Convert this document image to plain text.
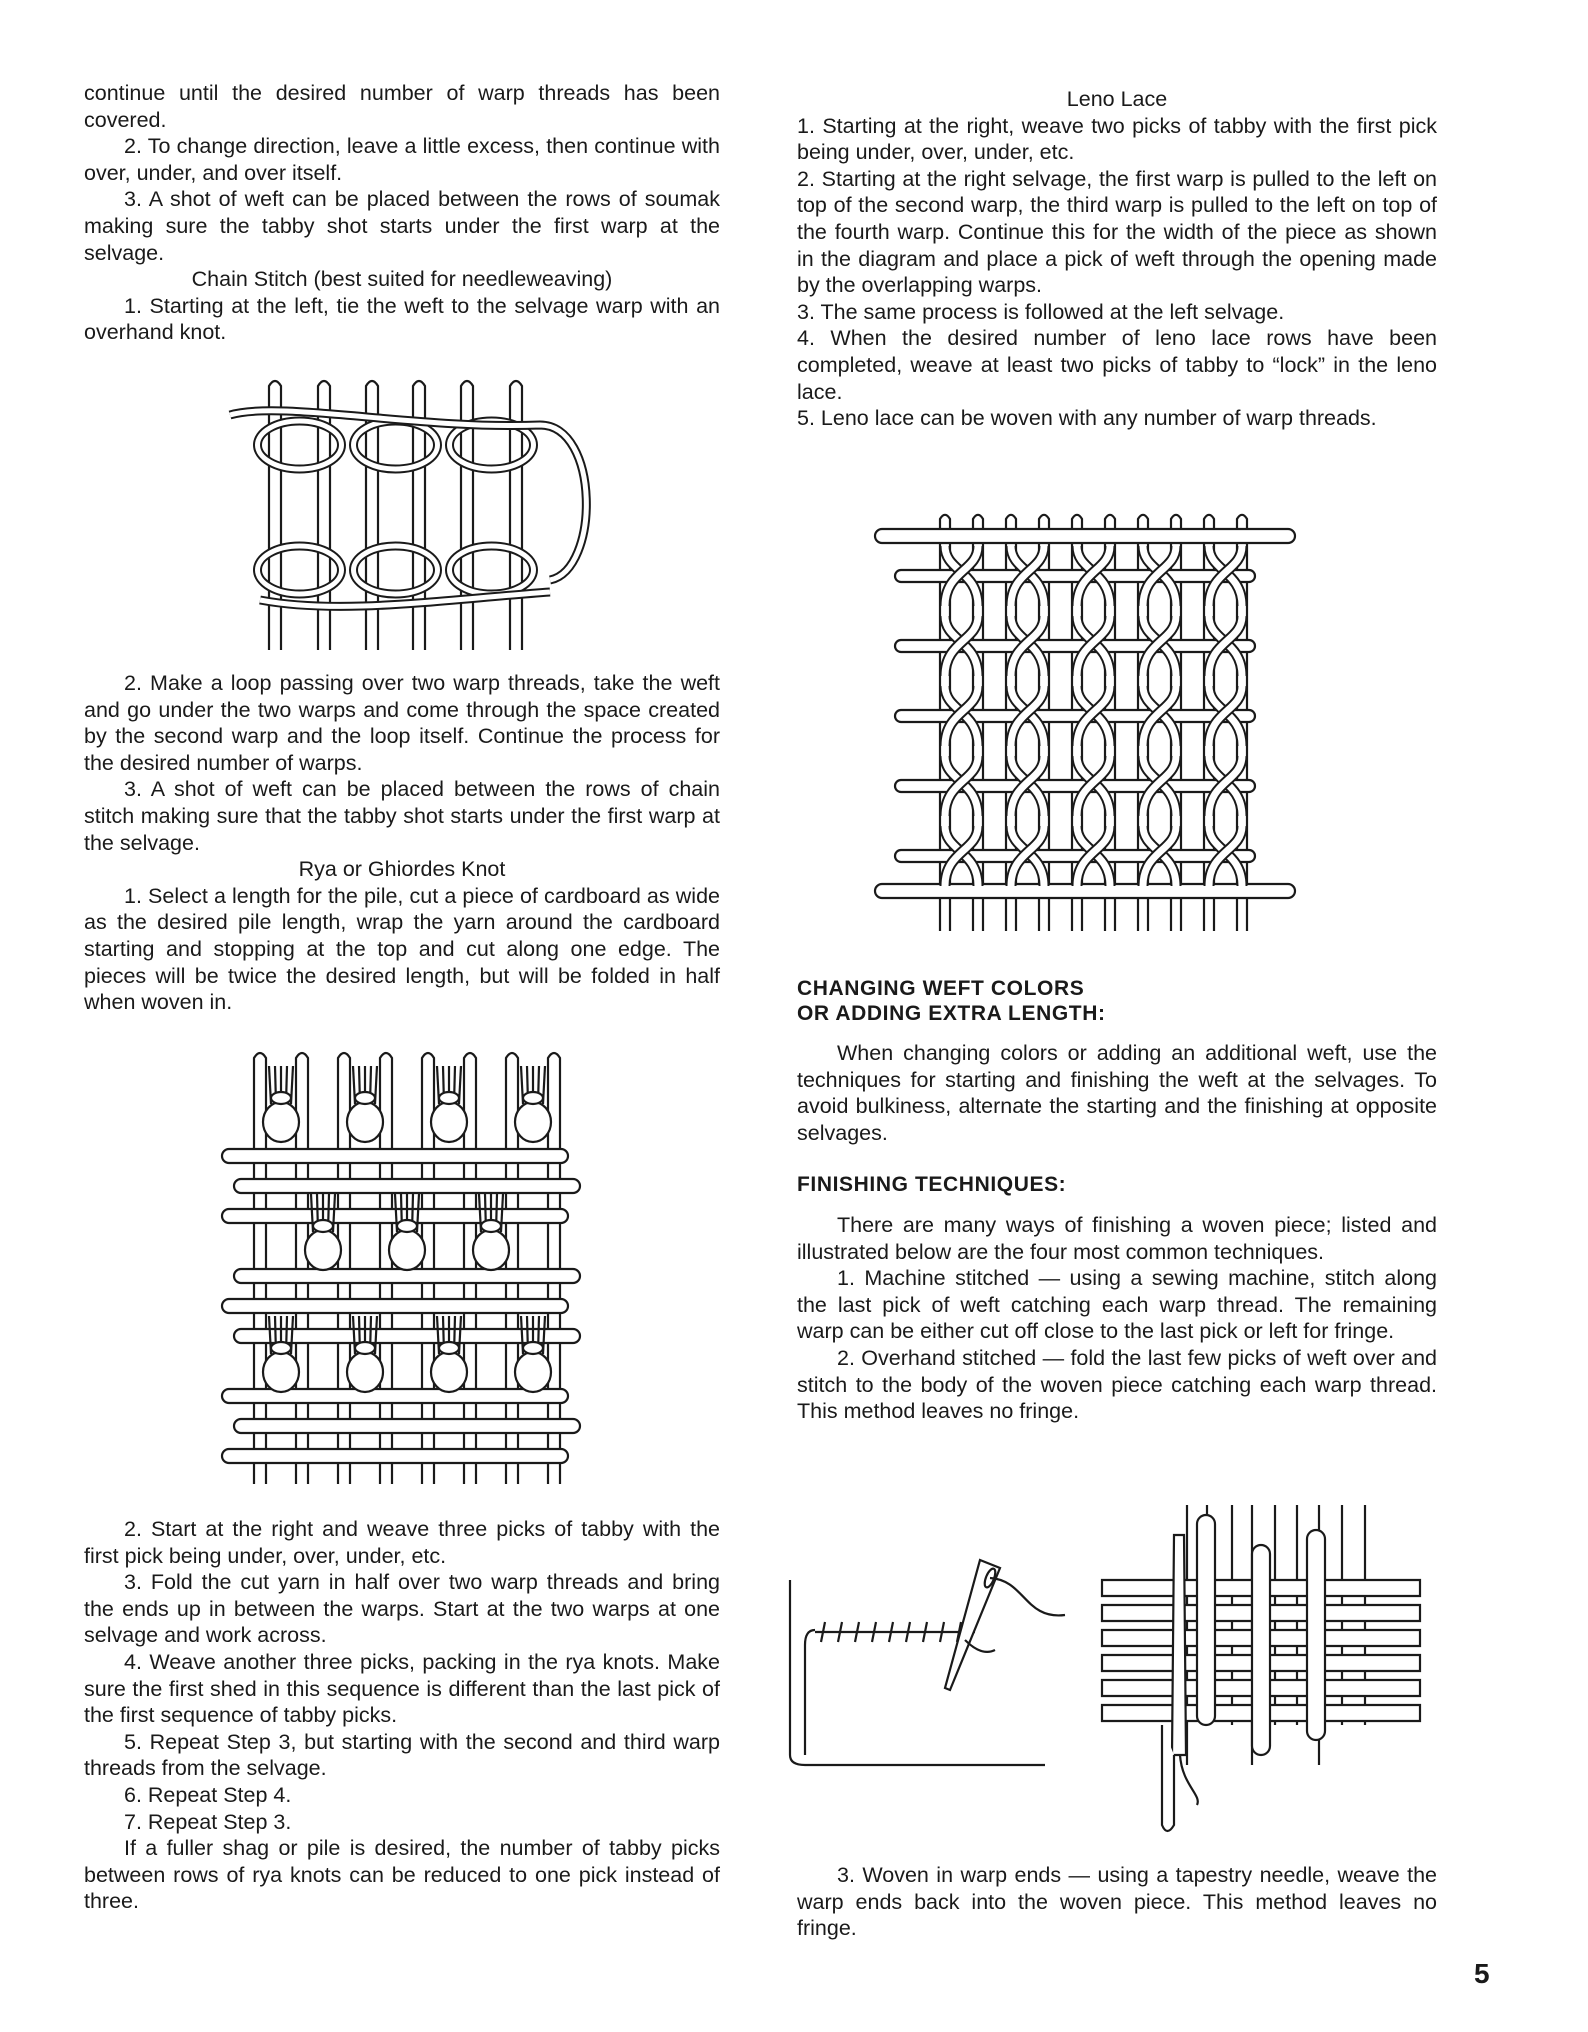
continue until the desired number of warp threads has been covered.

2. To change direction, leave a little excess, then continue with over, under, and over itself.

3. A shot of weft can be placed between the rows of soumak making sure the tabby shot starts under the first warp at the selvage.

Chain Stitch (best suited for needleweaving)

1. Starting at the left, tie the weft to the selvage warp with an overhand knot.

2. Make a loop passing over two warp threads, take the weft and go under the two warps and come through the space created by the second warp and the loop itself. Continue the process for the desired number of warps.

3. A shot of weft can be placed between the rows of chain stitch making sure that the tabby shot starts under the first warp at the selvage.

Rya or Ghiordes Knot

1. Select a length for the pile, cut a piece of cardboard as wide as the desired pile length, wrap the yarn around the cardboard starting and stopping at the top and cut along one edge. The pieces will be twice the desired length, but will be folded in half when woven in.

2. Start at the right and weave three picks of tabby with the first pick being under, over, under, etc.

3. Fold the cut yarn in half over two warp threads and bring the ends up in between the warps. Start at the two warps at one selvage and work across.

4. Weave another three picks, packing in the rya knots. Make sure the first shed in this sequence is different than the last pick of the first sequence of tabby picks.

5. Repeat Step 3, but starting with the second and third warp threads from the selvage.

6. Repeat Step 4.

7. Repeat Step 3.

If a fuller shag or pile is desired, the number of tabby picks between rows of rya knots can be reduced to one pick instead of three.

Leno Lace

1. Starting at the right, weave two picks of tabby with the first pick being under, over, under, etc.

2. Starting at the right selvage, the first warp is pulled to the left on top of the second warp, the third warp is pulled to the left on top of the fourth warp. Continue this for the width of the piece as shown in the diagram and place a pick of weft through the opening made by the overlapping warps.

3. The same process is followed at the left selvage.

4. When the desired number of leno lace rows have been completed, weave at least two picks of tabby to “lock” in the leno lace.

5. Leno lace can be woven with any number of warp threads.

CHANGING WEFT COLORS
OR ADDING EXTRA LENGTH:

When changing colors or adding an additional weft, use the techniques for starting and finishing the weft at the selvages. To avoid bulkiness, alternate the starting and the finishing at opposite selvages.

FINISHING TECHNIQUES:

There are many ways of finishing a woven piece; listed and illustrated below are the four most common techniques.

1. Machine stitched — using a sewing machine, stitch along the last pick of weft catching each warp thread. The remaining warp can be either cut off close to the last pick or left for fringe.

2. Overhand stitched — fold the last few picks of weft over and stitch to the body of the woven piece catching each warp thread. This method leaves no fringe.

3. Woven in warp ends — using a tapestry needle, weave the warp ends back into the woven piece. This method leaves no fringe.

5
